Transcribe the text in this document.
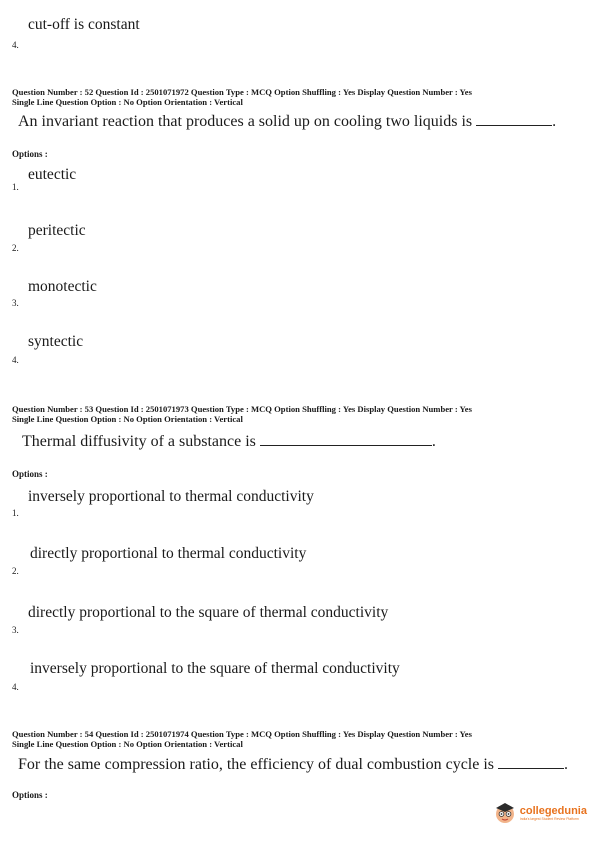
cut-off is constant
4.
Question Number : 52 Question Id : 2501071972 Question Type : MCQ Option Shuffling : Yes Display Question Number : Yes
Single Line Question Option : No Option Orientation : Vertical
An invariant reaction that produces a solid up on cooling two liquids is	.
Options :
eutectic
1.
peritectic
2.
monotectic
3.
syntectic
4.
Question Number : 53 Question Id : 2501071973 Question Type : MCQ Option Shuffling : Yes Display Question Number : Yes
Single Line Question Option : No Option Orientation : Vertical
Thermal diffusivity of a substance is	.
Options :
inversely proportional to thermal conductivity
1.
directly proportional to thermal conductivity
2.
directly proportional to the square of thermal conductivity
3.
inversely proportional to the square of thermal conductivity
4.
Question Number : 54 Question Id : 2501071974 Question Type : MCQ Option Shuffling : Yes Display Question Number : Yes
Single Line Question Option : No Option Orientation : Vertical
For the same compression ratio, the efficiency of dual combustion cycle is	.
Options :
collegedunia
India's largest Student Review Platform
